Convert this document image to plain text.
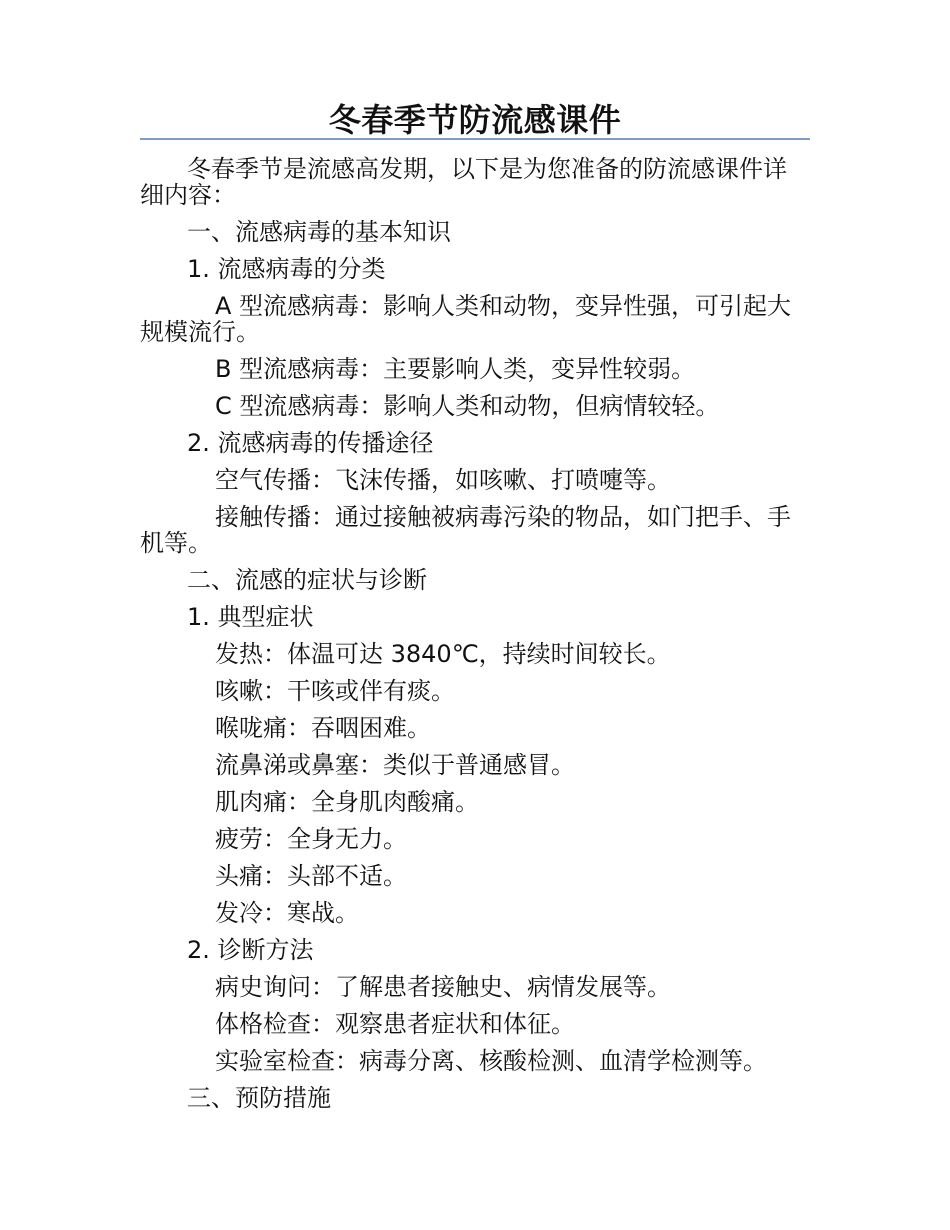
冬春季节防流感课件

冬春季节是流感高发期，以下是为您准备的防流感课件详细内容：

一、流感病毒的基本知识

1. 流感病毒的分类

A 型流感病毒：影响人类和动物，变异性强，可引起大规模流行。

B 型流感病毒：主要影响人类，变异性较弱。

C 型流感病毒：影响人类和动物，但病情较轻。

2. 流感病毒的传播途径

空气传播：飞沫传播，如咳嗽、打喷嚏等。

接触传播：通过接触被病毒污染的物品，如门把手、手机等。

二、流感的症状与诊断

1. 典型症状

发热：体温可达 3840℃，持续时间较长。

咳嗽：干咳或伴有痰。

喉咙痛：吞咽困难。

流鼻涕或鼻塞：类似于普通感冒。

肌肉痛：全身肌肉酸痛。

疲劳：全身无力。

头痛：头部不适。

发冷：寒战。

2. 诊断方法

病史询问：了解患者接触史、病情发展等。

体格检查：观察患者症状和体征。

实验室检查：病毒分离、核酸检测、血清学检测等。

三、预防措施
